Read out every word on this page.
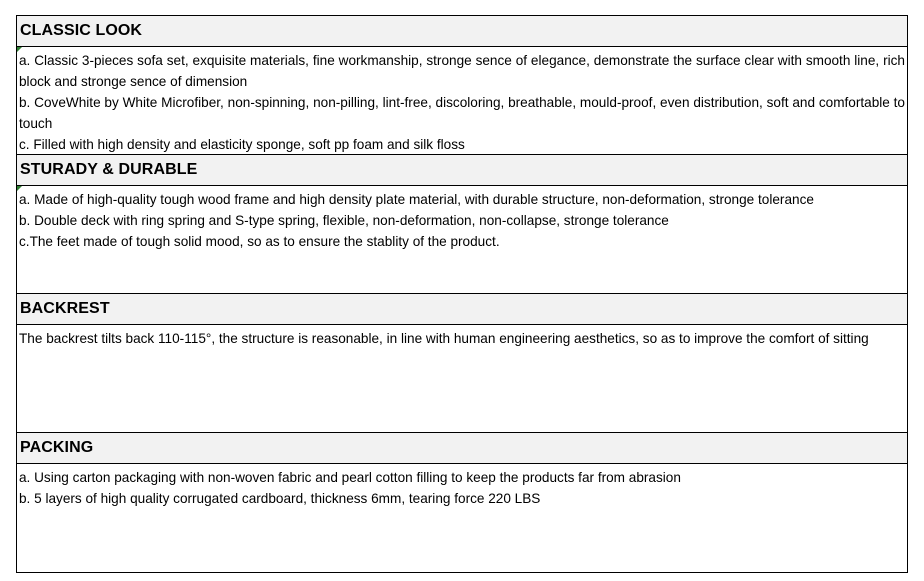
CLASSIC LOOK

a. Classic 3-pieces sofa set, exquisite materials, fine workmanship, stronge sence of elegance, demonstrate the surface clear with smooth line, rich block and stronge sence of dimension

b. CoveWhite by White Microfiber, non-spinning, non-pilling, lint-free, discoloring, breathable, mould-proof, even distribution, soft and comfortable to touch

c. Filled with high density and elasticity sponge, soft pp foam and silk floss

STURADY & DURABLE

a. Made of high-quality tough wood frame and high density plate material, with durable structure, non-deformation, stronge tolerance

b. Double deck with ring spring and S-type spring, flexible, non-deformation, non-collapse, stronge tolerance

c.The feet made of tough solid mood, so as to ensure the stablity of the product.

BACKREST

The backrest tilts back 110-115°, the structure is reasonable, in line with human engineering aesthetics, so as to improve the comfort of sitting

PACKING

a. Using carton packaging with non-woven fabric and pearl cotton filling to keep the products far from abrasion

b. 5 layers of high quality corrugated cardboard, thickness 6mm, tearing force 220 LBS
